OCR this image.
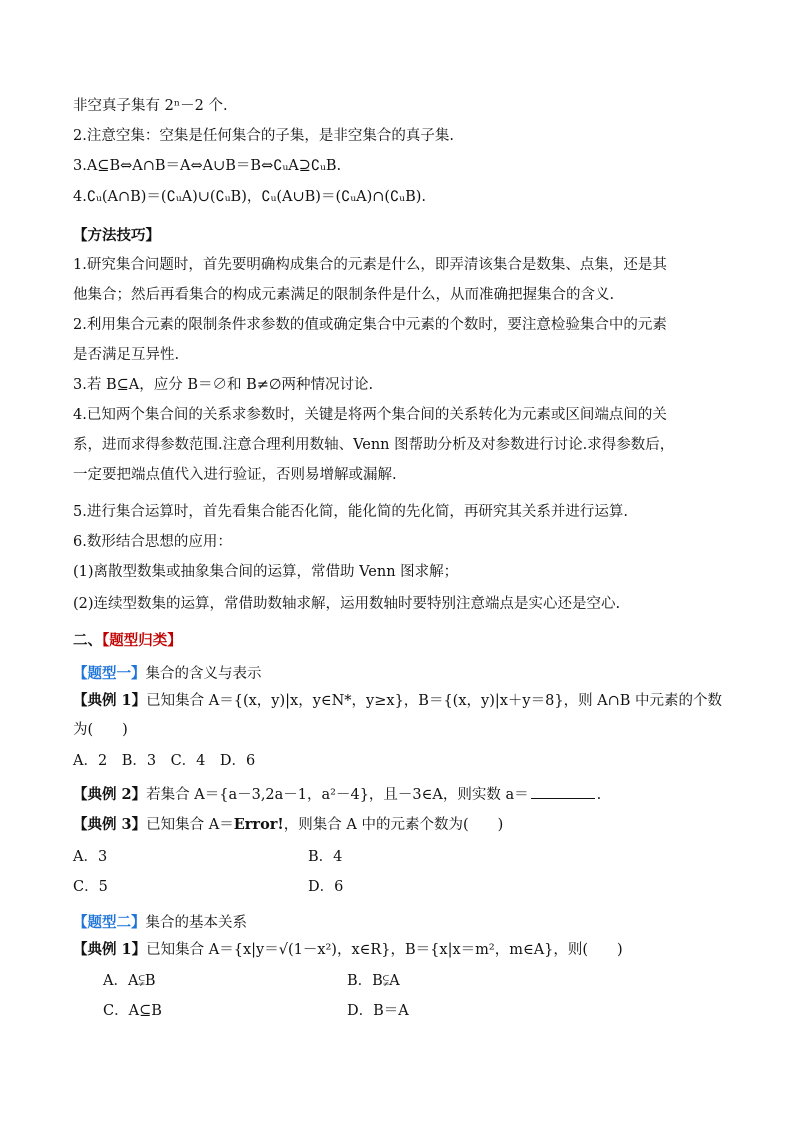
非空真子集有 2ⁿ－2 个.
2.注意空集：空集是任何集合的子集，是非空集合的真子集.
3.A⊆B⇔A∩B＝A⇔A∪B＝B⇔∁ᵤA⊇∁ᵤB.
4.∁ᵤ(A∩B)＝(∁ᵤA)∪(∁ᵤB)，∁ᵤ(A∪B)＝(∁ᵤA)∩(∁ᵤB).
【方法技巧】
1.研究集合问题时，首先要明确构成集合的元素是什么，即弄清该集合是数集、点集，还是其
他集合；然后再看集合的构成元素满足的限制条件是什么，从而准确把握集合的含义.
2.利用集合元素的限制条件求参数的值或确定集合中元素的个数时，要注意检验集合中的元素
是否满足互异性.
3.若 B⊆A，应分 B＝∅和 B≠∅两种情况讨论.
4.已知两个集合间的关系求参数时，关键是将两个集合间的关系转化为元素或区间端点间的关
系，进而求得参数范围.注意合理利用数轴、Venn 图帮助分析及对参数进行讨论.求得参数后，
一定要把端点值代入进行验证，否则易增解或漏解.
5.进行集合运算时，首先看集合能否化简，能化简的先化简，再研究其关系并进行运算.
6.数形结合思想的应用：
(1)离散型数集或抽象集合间的运算，常借助 Venn 图求解；
(2)连续型数集的运算，常借助数轴求解，运用数轴时要特别注意端点是实心还是空心.
二、【题型归类】
【题型一】集合的含义与表示
【典例 1】已知集合 A＝{(x，y)|x，y∈N*，y≥x}，B＝{(x，y)|x＋y＝8}，则 A∩B 中元素的个数
为(　　)
A．2　B．3　C．4　D．6
【典例 2】若集合 A＝{a－3,2a－1，a²－4}，且－3∈A，则实数 a＝	.
【典例 3】已知集合 A＝Error!，则集合 A 中的元素个数为(　　)
A．3	B．4
C．5	D．6
【题型二】集合的基本关系
【典例 1】已知集合 A＝{x|y＝√(1－x²)，x∈R}，B＝{x|x＝m²，m∈A}，则(　　)
A．A⫋B	B．B⫋A
C．A⊆B	D．B＝A
